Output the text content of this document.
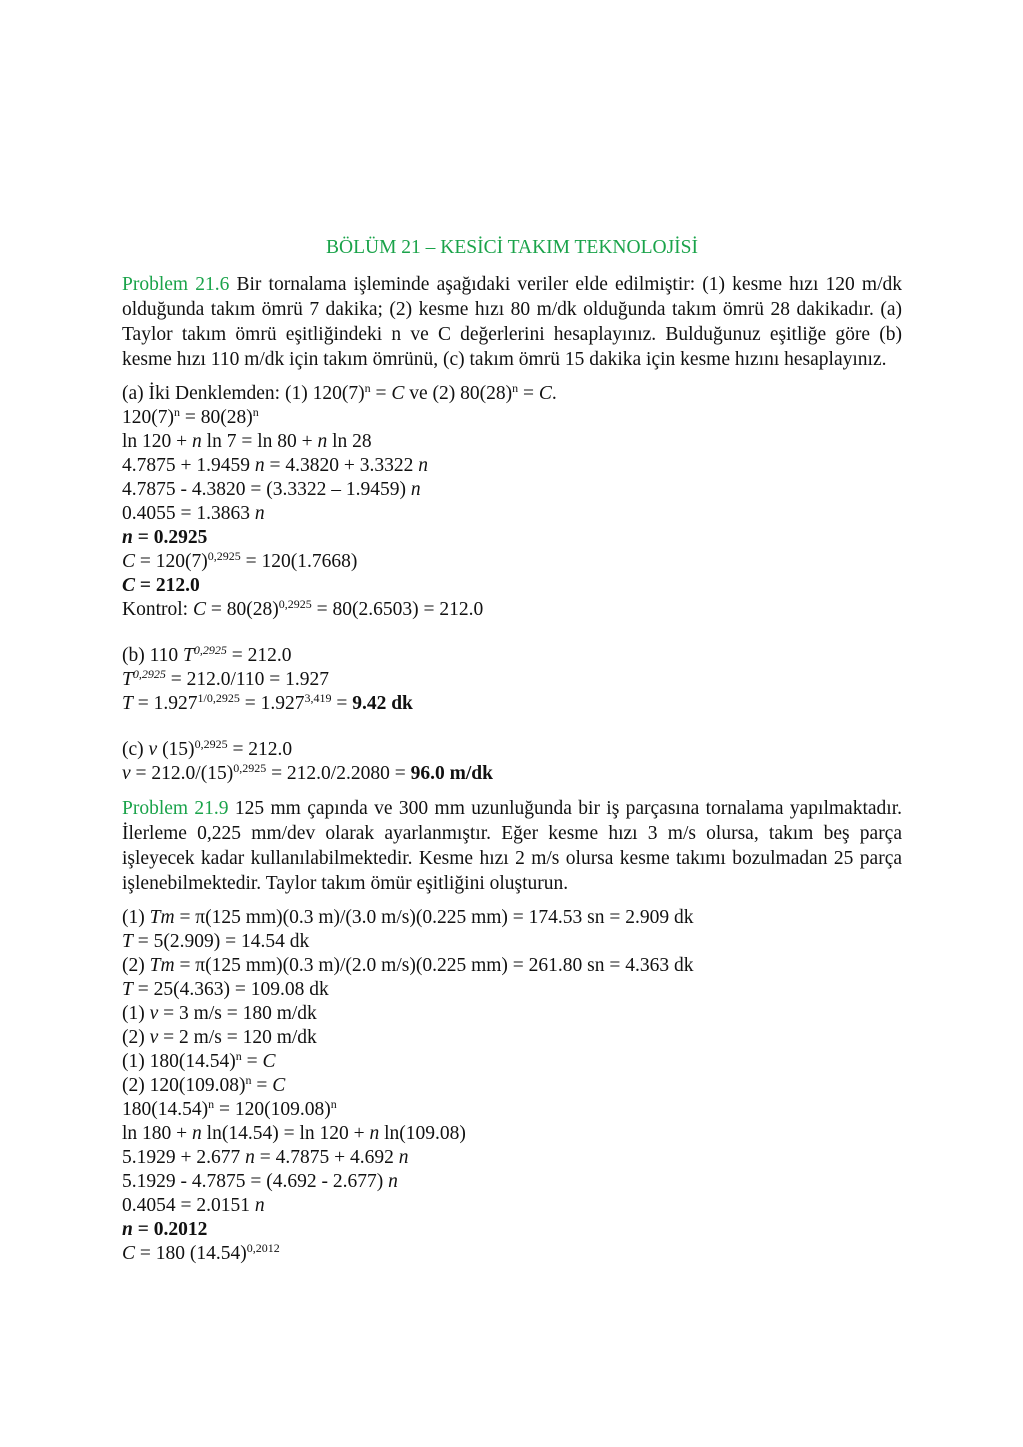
BÖLÜM 21 – KESİCİ TAKIM TEKNOLOJİSİ

Problem 21.6 Bir tornalama işleminde aşağıdaki veriler elde edilmiştir: (1) kesme hızı 120 m/dk olduğunda takım ömrü 7 dakika; (2) kesme hızı 80 m/dk olduğunda takım ömrü 28 dakikadır. (a) Taylor takım ömrü eşitliğindeki n ve C değerlerini hesaplayınız. Bulduğunuz eşitliğe göre (b) kesme hızı 110 m/dk için takım ömrünü, (c) takım ömrü 15 dakika için kesme hızını hesaplayınız.

(a) İki Denklemden: (1) $120(7)^n = C$ ve (2) $80(28)^n = C$.
$120(7)^n = 80(28)^n$
ln 120 + n ln 7 = ln 80 + n ln 28
4.7875 + 1.9459 n = 4.3820 + 3.3322 n
4.7875 - 4.3820 = (3.3322 – 1.9459) n
0.4055 = 1.3863 n
n = 0.2925
$C = 120(7)^{0,2925} = 120(1.7668)$
C = 212.0
Kontrol: $C = 80(28)^{0,2925} = 80(2.6503) = 212.0$
(b) 110 $T^{0,2925} = 212.0$
$T^{0,2925} = 212.0/110 = 1.927$
$T = 1.927^{1/0,2925} = 1.927^{3,419} = 9.42$ dk
(c) v $(15)^{0,2925} = 212.0$
$v = 212.0/(15)^{0,2925} = 212.0/2.2080 = 96.0$ m/dk

Problem 21.9 125 mm çapında ve 300 mm uzunluğunda bir iş parçasına tornalama yapılmaktadır. İlerleme 0,225 mm/dev olarak ayarlanmıştır. Eğer kesme hızı 3 m/s olursa, takım beş parça işleyecek kadar kullanılabilmektedir. Kesme hızı 2 m/s olursa kesme takımı bozulmadan 25 parça işlenebilmektedir. Taylor takım ömür eşitliğini oluşturun.

(1) Tm = π(125 mm)(0.3 m)/(3.0 m/s)(0.225 mm) = 174.53 sn = 2.909 dk
T = 5(2.909) = 14.54 dk
(2) Tm = π(125 mm)(0.3 m)/(2.0 m/s)(0.225 mm) = 261.80 sn = 4.363 dk
T = 25(4.363) = 109.08 dk
(1) v = 3 m/s = 180 m/dk
(2) v = 2 m/s = 120 m/dk
(1) $180(14.54)^n = C$
(2) $120(109.08)^n = C$
$180(14.54)^n = 120(109.08)^n$
ln 180 + n ln(14.54) = ln 120 + n ln(109.08)
5.1929 + 2.677 n = 4.7875 + 4.692 n
5.1929 - 4.7875 = (4.692 - 2.677) n
0.4054 = 2.0151 n
n = 0.2012
C = 180 $(14.54)^{0,2012}$
